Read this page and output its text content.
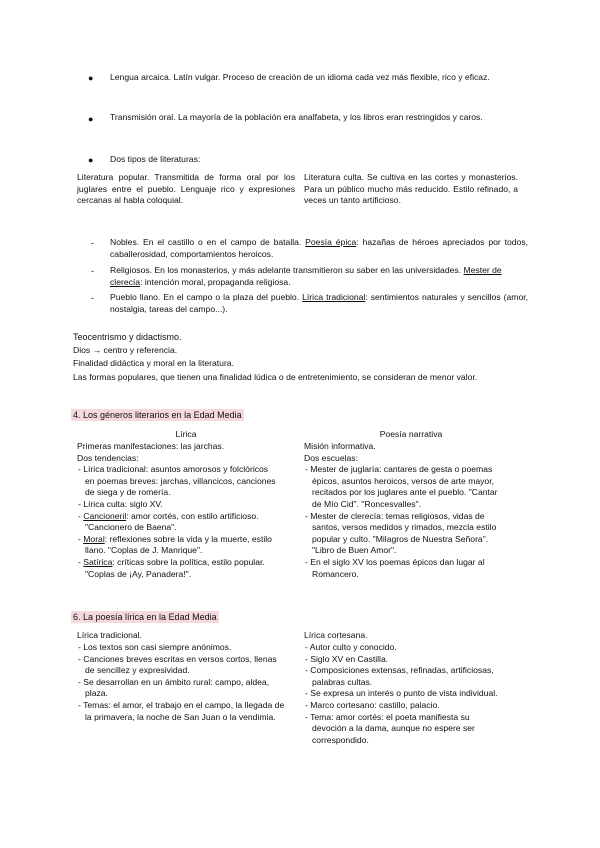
● Lengua arcaica. Latín vulgar. Proceso de creación de un idioma cada vez más flexible, rico y eficaz.
● Transmisión oral. La mayoría de la población era analfabeta, y los libros eran restringidos y caros.
● Dos tipos de literaturas:
Literatura popular. Transmitida de forma oral por los juglares entre el pueblo. Lenguaje rico y expresiones cercanas al habla coloquial.
Literatura culta. Se cultiva en las cortes y monasterios. Para un público mucho más reducido. Estilo refinado, a veces un tanto artificioso.
- Nobles. En el castillo o en el campo de batalla. Poesía épica: hazañas de héroes apreciados por todos, caballerosidad, comportamientos heroicos.
- Religiosos. En los monasterios, y más adelante transmitieron su saber en las universidades. Mester de clerecía: intención moral, propaganda religiosa.
- Pueblo llano. En el campo o la plaza del pueblo. Lírica tradicional: sentimientos naturales y sencillos (amor, nostalgia, tareas del campo...).
Teocentrismo y didactismo.
Dios → centro y referencia.
Finalidad didáctica y moral en la literatura.
Las formas populares, que tienen una finalidad lúdica o de entretenimiento, se consideran de menor valor.
4. Los géneros literarios en la Edad Media
Lírica
Primeras manifestaciones: las jarchas.
Dos tendencias:
- Lírica tradicional: asuntos amorosos y folclóricos en poemas breves: jarchas, villancicos, canciones de siega y de romería.
- Lírica culta: siglo XV.
- Cancioneril: amor cortés, con estilo artificioso. "Cancionero de Baena".
- Moral: reflexiones sobre la vida y la muerte, estilo llano. "Coplas de J. Manrique".
- Satírica: críticas sobre la política, estilo popular. "Coplas de ¡Ay, Panadera!".
Poesía narrativa
Misión informativa.
Dos escuelas:
- Mester de juglaría: cantares de gesta o poemas épicos, asuntos heroicos, versos de arte mayor, recitados por los juglares ante el pueblo. "Cantar de Mío Cid". "Roncesvalles".
- Mester de clerecía: temas religiosos, vidas de santos, versos medidos y rimados, mezcla estilo popular y culto. "Milagros de Nuestra Señora". "Libro de Buen Amor".
- En el siglo XV los poemas épicos dan lugar al Romancero.
6. La poesía lírica en la Edad Media
Lírica tradicional.
- Los textos son casi siempre anónimos.
- Canciones breves escritas en versos cortos, llenas de sencillez y expresividad.
- Se desarrollan en un ámbito rural: campo, aldea, plaza.
- Temas: el amor, el trabajo en el campo, la llegada de la primavera, la noche de San Juan o la vendimia.
Lírica cortesana.
- Autor culto y conocido.
- Siglo XV en Castilla.
- Composiciones extensas, refinadas, artificiosas, palabras cultas.
- Se expresa un interés o punto de vista individual.
- Marco cortesano: castillo, palacio.
- Tema: amor cortés: el poeta manifiesta su devoción a la dama, aunque no espere ser correspondido.
